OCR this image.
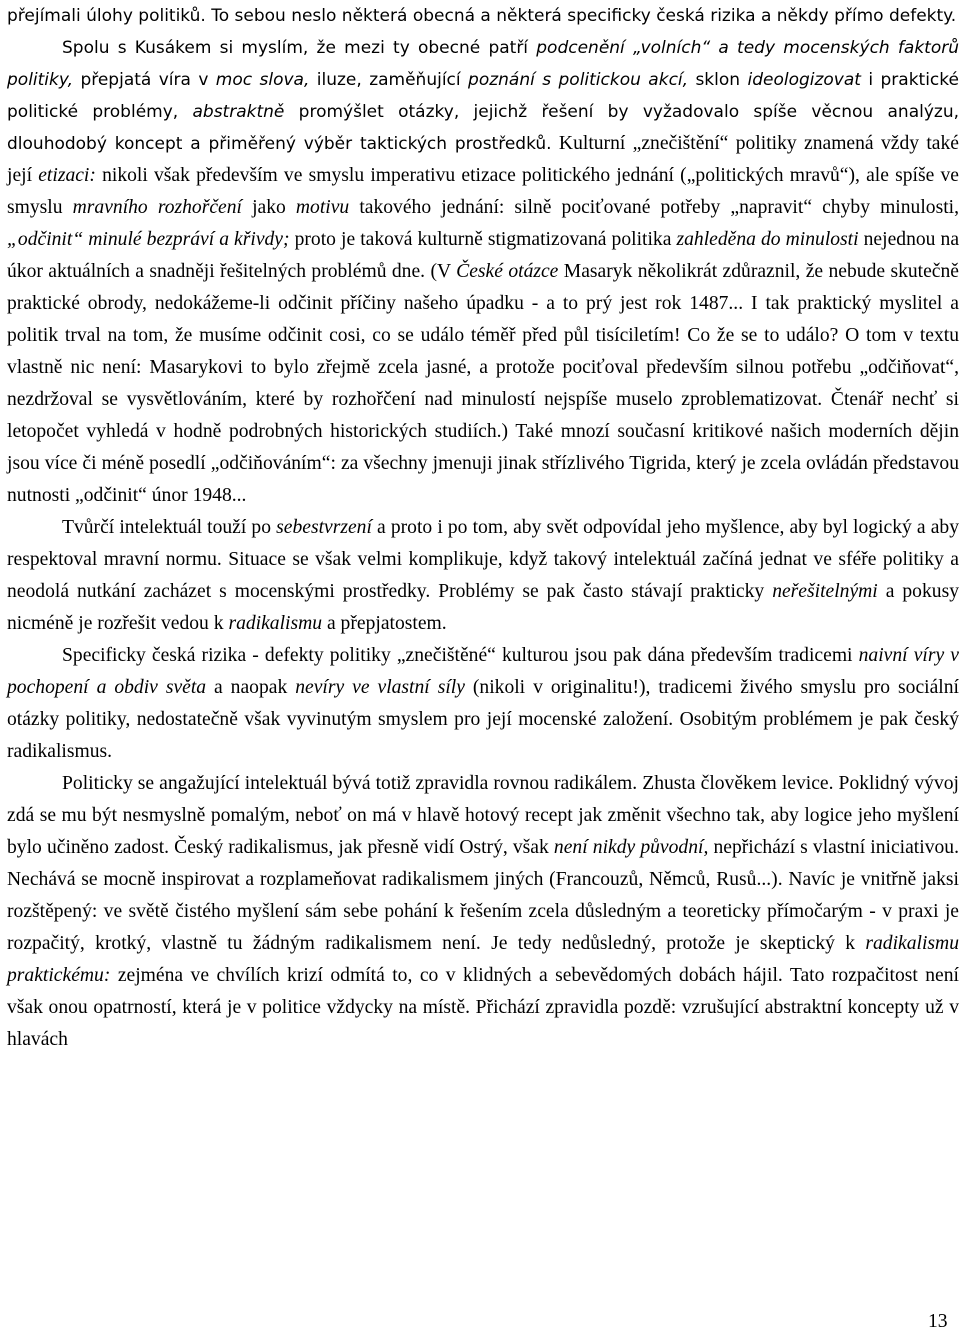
přejímali úlohy politiků. To sebou neslo některá obecná a některá specificky česká rizika a někdy přímo defekty.

Spolu s Kusákem si myslím, že mezi ty obecné patří podcenění „volních“ a tedy mocenských faktorů politiky, přepjatá víra v moc slova, iluze, zaměňující poznání s politickou akcí, sklon ideologizovat i praktické politické problémy, abstraktně promýšlet otázky, jejichž řešení by vyžadovalo spíše věcnou analýzu, dlouhodobý koncept a přiměřený výběr taktických prostředků. Kulturní „znečištění“ politiky znamená vždy také její etizaci: nikoli však především ve smyslu imperativu etizace politického jednání („politických mravů“), ale spíše ve smyslu mravního rozhořčení jako motivu takového jednání: silně pociťované potřeby „napravit“ chyby minulosti, „odčinit“ minulé bezpráví a křivdy; proto je taková kulturně stigmatizovaná politika zahleděna do minulosti nejednou na úkor aktuálních a snadněji řešitelných problémů dne. (V České otázce Masaryk několikrát zdůraznil, že nebude skutečně praktické obrody, nedokážeme-li odčinit příčiny našeho úpadku - a to prý jest rok 1487... I tak praktický myslitel a politik trval na tom, že musíme odčinit cosi, co se událo téměř před půl tisíciletím! Co že se to událo? O tom v textu vlastně nic není: Masarykovi to bylo zřejmě zcela jasné, a protože pociťoval především silnou potřebu „odčiňovat“, nezdržoval se vysvětlováním, které by rozhořčení nad minulostí nejspíše muselo zproblematizovat. Čtenář nechť si letopočet vyhledá v hodně podrobných historických studiích.) Také mnozí současní kritikové našich moderních dějin jsou více či méně posedlí „odčiňováním“: za všechny jmenuji jinak střízlivého Tigrida, který je zcela ovládán představou nutnosti „odčinit“ únor 1948...

Tvůrčí intelektuál touží po sebestvrzení a proto i po tom, aby svět odpovídal jeho myšlence, aby byl logický a aby respektoval mravní normu. Situace se však velmi komplikuje, když takový intelektuál začíná jednat ve sféře politiky a neodolá nutkání zacházet s mocenskými prostředky. Problémy se pak často stávají prakticky neřešitelnými a pokusy nicméně je rozřešit vedou k radikalismu a přepjatostem.

Specificky česká rizika - defekty politiky „znečištěné“ kulturou jsou pak dána především tradicemi naivní víry v pochopení a obdiv světa a naopak nevíry ve vlastní síly (nikoli v originalitu!), tradicemi živého smyslu pro sociální otázky politiky, nedostatečně však vyvinutým smyslem pro její mocenské založení. Osobitým problémem je pak český radikalismus.

Politicky se angažující intelektuál bývá totiž zpravidla rovnou radikálem. Zhusta člověkem levice. Poklidný vývoj zdá se mu být nesmyslně pomalým, neboť on má v hlavě hotový recept jak změnit všechno tak, aby logice jeho myšlení bylo učiněno zadost. Český radikalismus, jak přesně vidí Ostrý, však není nikdy původní, nepřichází s vlastní iniciativou. Nechává se mocně inspirovat a rozplameňovat radikalismem jiných (Francouzů, Němců, Rusů...). Navíc je vnitřně jaksi rozštěpený: ve světě čistého myšlení sám sebe pohání k řešením zcela důsledným a teoreticky přímočarým - v praxi je rozpačitý, krotký, vlastně tu žádným radikalismem není. Je tedy nedůsledný, protože je skeptický k radikalismu praktickému: zejména ve chvílích krizí odmítá to, co v klidných a sebevědomých dobách hájil. Tato rozpačitost není však onou opatrností, která je v politice vždycky na místě. Přichází zpravidla pozdě: vzrušující abstraktní koncepty už v hlavách

13
